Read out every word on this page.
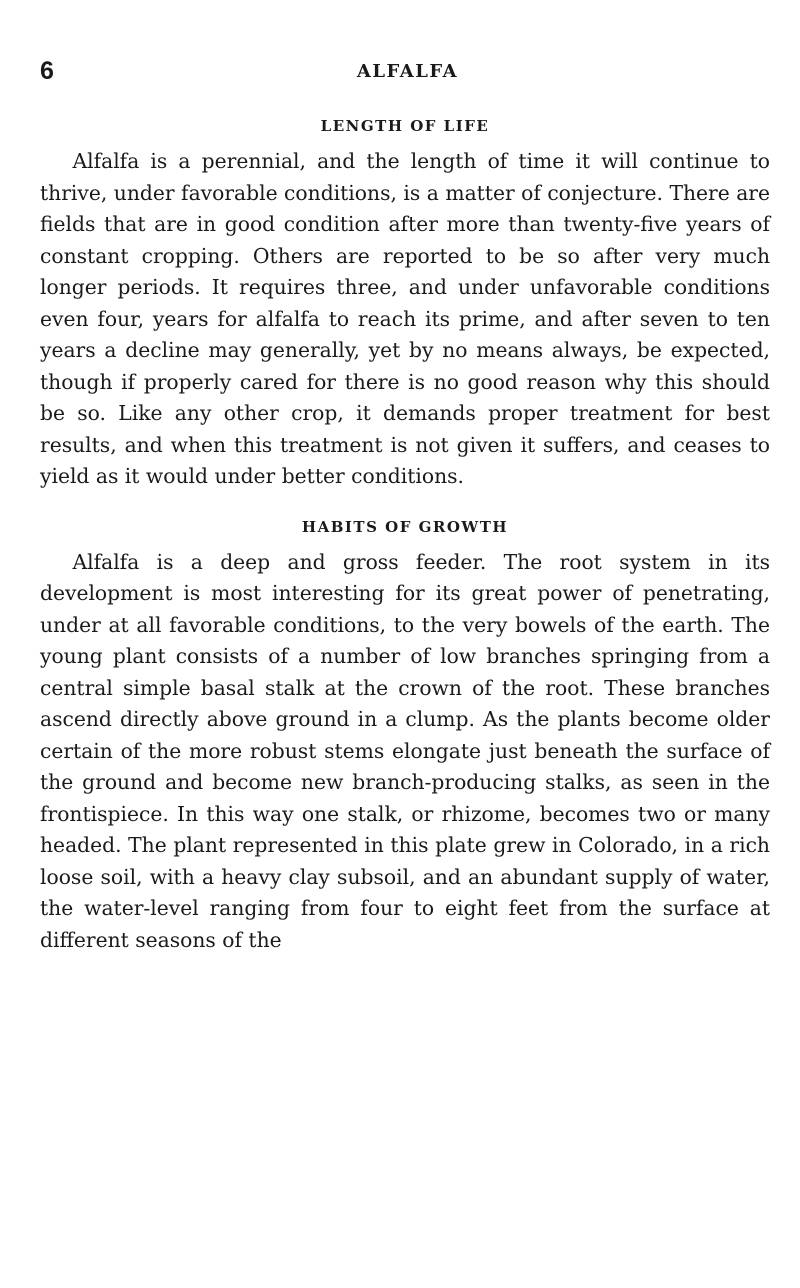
6	ALFALFA
LENGTH OF LIFE

Alfalfa is a perennial, and the length of time it will continue to thrive, under favorable conditions, is a matter of conjecture. There are fields that are in good condition after more than twenty-five years of constant cropping. Others are reported to be so after very much longer periods. It requires three, and under unfavorable conditions even four, years for alfalfa to reach its prime, and after seven to ten years a decline may generally, yet by no means always, be expected, though if properly cared for there is no good reason why this should be so. Like any other crop, it demands proper treatment for best results, and when this treatment is not given it suffers, and ceases to yield as it would under better conditions.

HABITS OF GROWTH

Alfalfa is a deep and gross feeder. The root system in its development is most interesting for its great power of penetrating, under at all favorable conditions, to the very bowels of the earth. The young plant consists of a number of low branches springing from a central simple basal stalk at the crown of the root. These branches ascend directly above ground in a clump. As the plants become older certain of the more robust stems elongate just beneath the surface of the ground and become new branch-producing stalks, as seen in the frontispiece. In this way one stalk, or rhizome, becomes two or many headed. The plant represented in this plate grew in Colorado, in a rich loose soil, with a heavy clay subsoil, and an abundant supply of water, the water-level ranging from four to eight feet from the surface at different seasons of the
